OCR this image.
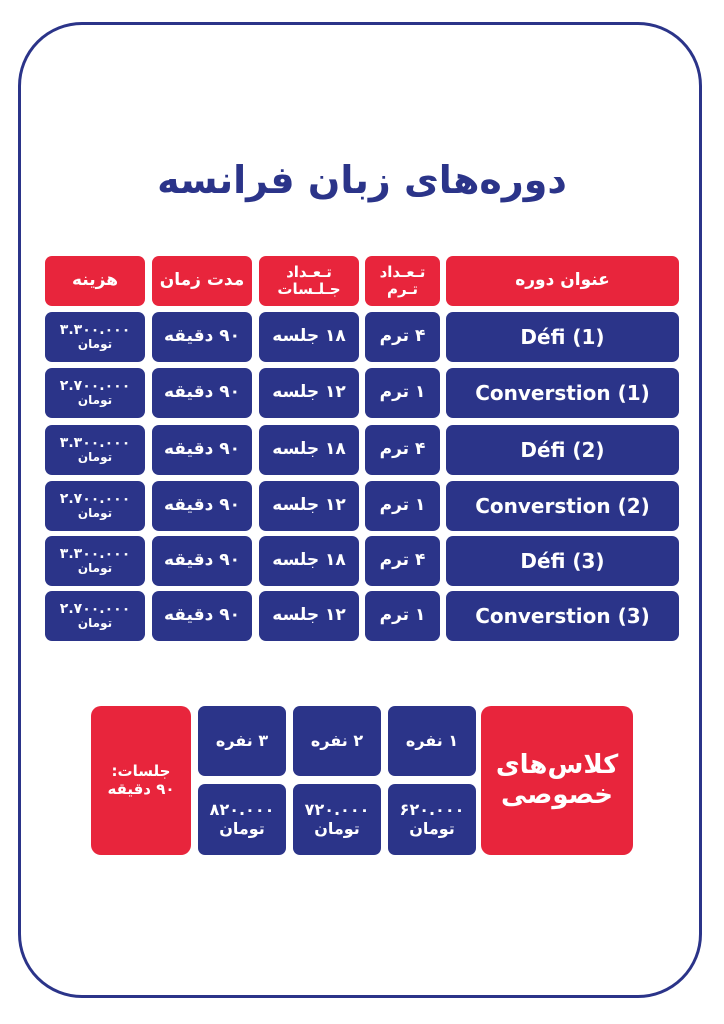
دوره‌های زبان فرانسه
عنوان دوره
تـعـداد
تـرم
تـعـداد
جـلـسات
مدت زمان
هزینه
Défi (1)
۴ ترم
۱۸ جلسه
۹۰ دقیقه
۳.۳۰۰.۰۰۰
تومان
Converstion (1)
۱ ترم
۱۲ جلسه
۹۰ دقیقه
۲.۷۰۰.۰۰۰
تومان
Défi (2)
۴ ترم
۱۸ جلسه
۹۰ دقیقه
۳.۳۰۰.۰۰۰
تومان
Converstion (2)
۱ ترم
۱۲ جلسه
۹۰ دقیقه
۲.۷۰۰.۰۰۰
تومان
Défi (3)
۴ ترم
۱۸ جلسه
۹۰ دقیقه
۳.۳۰۰.۰۰۰
تومان
Converstion (3)
۱ ترم
۱۲ جلسه
۹۰ دقیقه
۲.۷۰۰.۰۰۰
تومان
کلاس‌های
خصوصی
۱ نفره
۶۲۰.۰۰۰
تومان
۲ نفره
۷۲۰.۰۰۰
تومان
۳ نفره
۸۲۰.۰۰۰
تومان
جلسات:
۹۰ دقیقه
